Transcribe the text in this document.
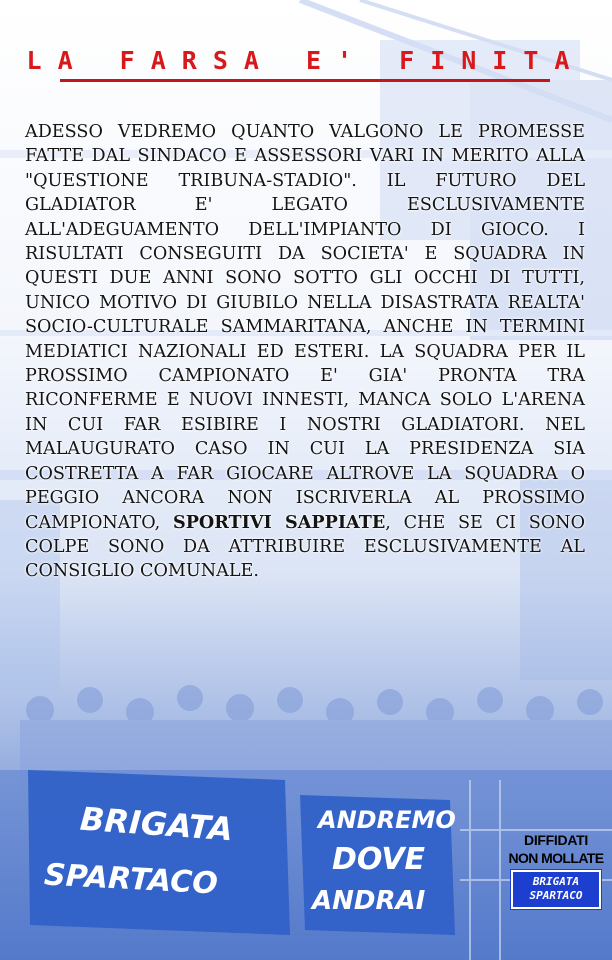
LA FARSA E' FINITA

ADESSO VEDREMO QUANTO VALGONO LE PROMESSE FATTE DAL SINDACO E ASSESSORI VARI IN MERITO ALLA "QUESTIONE TRIBUNA-STADIO". IL FUTURO DEL GLADIATOR E' LEGATO ESCLUSIVAMENTE ALL'ADEGUAMENTO DELL'IMPIANTO DI GIOCO. I RISULTATI CONSEGUITI DA SOCIETA' E SQUADRA IN QUESTI DUE ANNI SONO SOTTO GLI OCCHI DI TUTTI, UNICO MOTIVO DI GIUBILO NELLA DISASTRATA REALTA' SOCIO-CULTURALE SAMMARITANA, ANCHE IN TERMINI MEDIATICI NAZIONALI ED ESTERI. LA SQUADRA PER IL PROSSIMO CAMPIONATO E' GIA' PRONTA TRA RICONFERME E NUOVI INNESTI, MANCA SOLO L'ARENA IN CUI FAR ESIBIRE I NOSTRI GLADIATORI. NEL MALAUGURATO CASO IN CUI LA PRESIDENZA SIA COSTRETTA A FAR GIOCARE ALTROVE LA SQUADRA O PEGGIO ANCORA NON ISCRIVERLA AL PROSSIMO CAMPIONATO, SPORTIVI SAPPIATE, CHE SE CI SONO COLPE SONO DA ATTRIBUIRE ESCLUSIVAMENTE AL CONSIGLIO COMUNALE.

BRIGATA
SPARTACO
ANDREMO
DOVE
ANDRAI
DIFFIDATI
NON MOLLATE
BRIGATA
SPARTACO
